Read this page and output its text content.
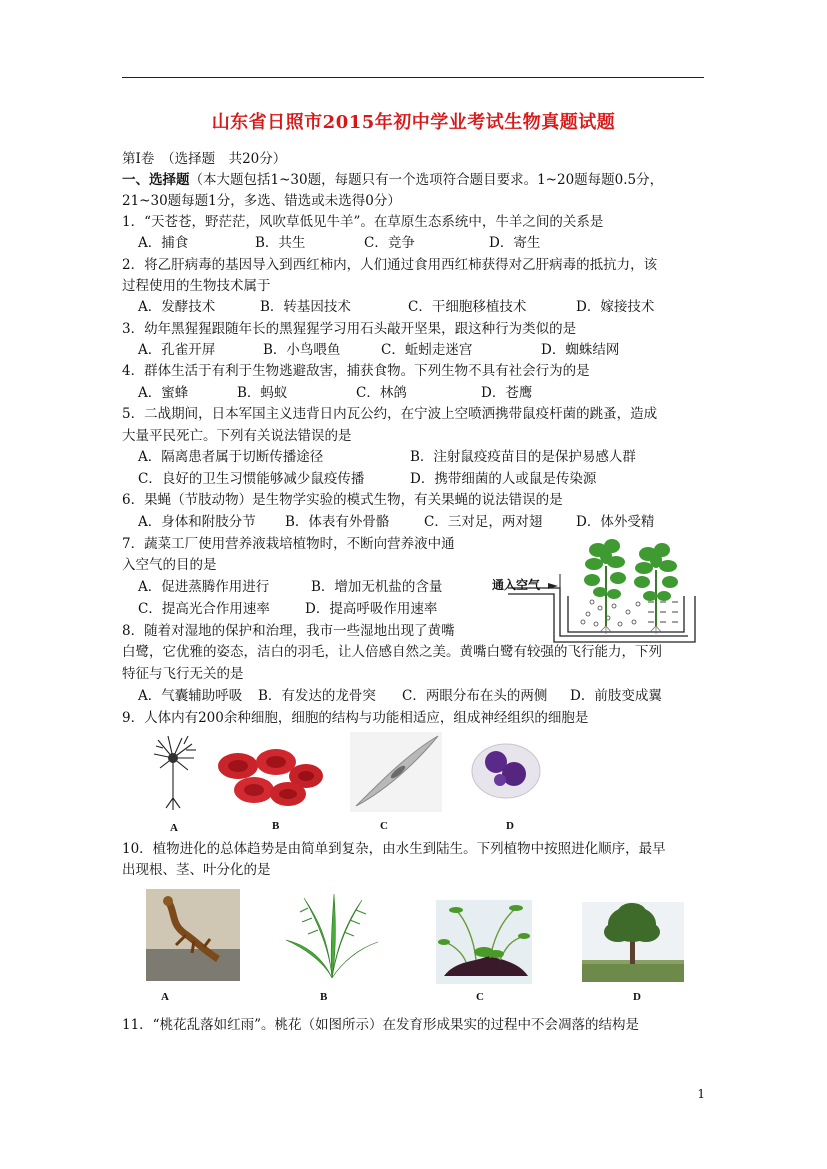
山东省日照市2015年初中学业考试生物真题试题
第Ⅰ卷　（选择题　共20分）
一、选择题（本大题包括1~30题，每题只有一个选项符合题目要求。1~20题每题0.5分，
21~30题每题1分，多选、错选或未选得0分）
1．“天苍苍，野茫茫，风吹草低见牛羊”。在草原生态系统中，牛羊之间的关系是
A．捕食	B．共生	C．竞争	D．寄生
2．将乙肝病毒的基因导入到西红柿内，人们通过食用西红柿获得对乙肝病毒的抵抗力，该
过程使用的生物技术属于
A．发酵技术	B．转基因技术	C．干细胞移植技术	D．嫁接技术
3．幼年黑猩猩跟随年长的黑猩猩学习用石头敲开坚果，跟这种行为类似的是
A．孔雀开屏	B．小鸟喂鱼	C．蚯蚓走迷宫	D．蜘蛛结网
4．群体生活于有利于生物逃避敌害，捕获食物。下列生物不具有社会行为的是
A．蜜蜂	B．蚂蚁	C．林鸽	D．苍鹰
5．二战期间，日本军国主义违背日内瓦公约，在宁波上空喷洒携带鼠疫杆菌的跳蚤，造成
大量平民死亡。下列有关说法错误的是
A．隔离患者属于切断传播途径	B．注射鼠疫疫苗目的是保护易感人群
C．良好的卫生习惯能够减少鼠疫传播	D．携带细菌的人或鼠是传染源
6．果蝇（节肢动物）是生物学实验的模式生物，有关果蝇的说法错误的是
A．身体和附肢分节 B．体表有外骨骼	C．三对足，两对翅 D．体外受精
7．蔬菜工厂使用营养液栽培植物时，不断向营养液中通
入空气的目的是
A．促进蒸腾作用进行	B．增加无机盐的含量
C．提高光合作用速率	D．提高呼吸作用速率
通入空气
8．随着对湿地的保护和治理，我市一些湿地出现了黄嘴
白鹭，它优雅的姿态，洁白的羽毛，让人倍感自然之美。黄嘴白鹭有较强的飞行能力，下列
特征与飞行无关的是
A．气囊辅助呼吸 B．有发达的龙骨突 C．两眼分布在头的两侧 D．前肢变成翼
9．人体内有200余种细胞，细胞的结构与功能相适应，组成神经组织的细胞是
A	B	C	D
10．植物进化的总体趋势是由简单到复杂，由水生到陆生。下列植物中按照进化顺序，最早
出现根、茎、叶分化的是
A	B	C	D
11．“桃花乱落如红雨”。桃花（如图所示）在发育形成果实的过程中不会凋落的结构是
1
